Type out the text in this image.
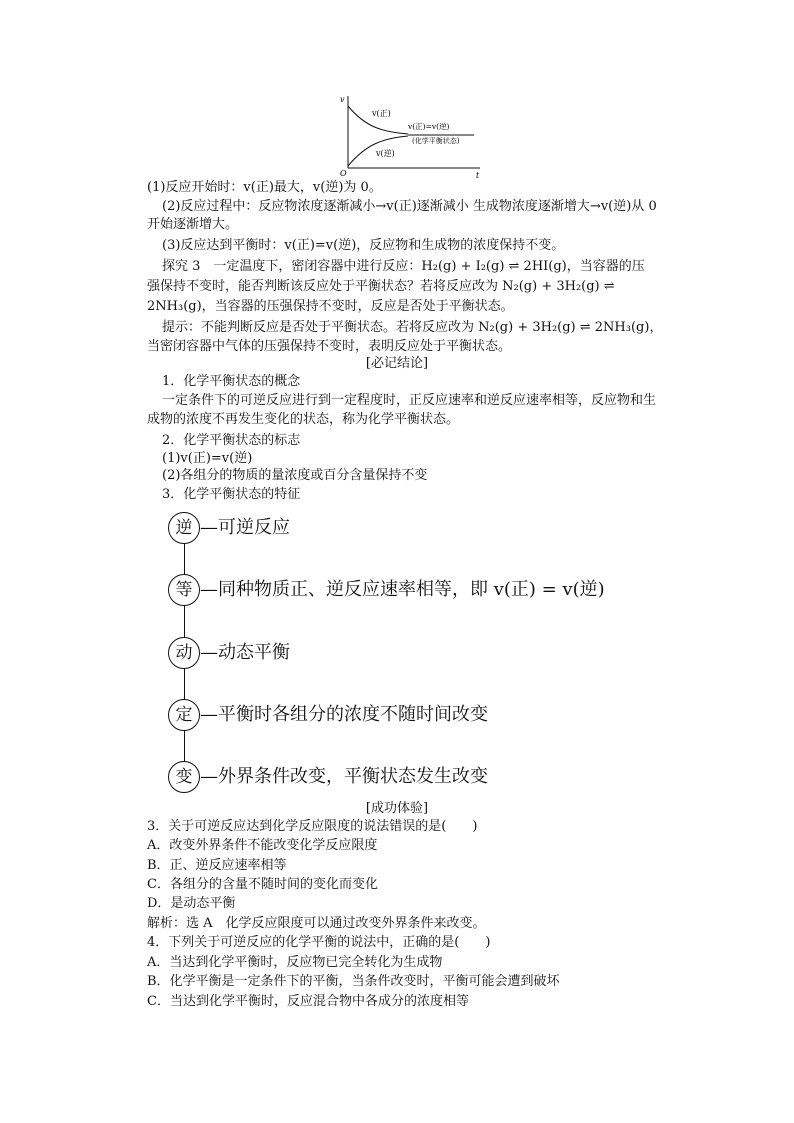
v
t
O
v(正)
v(正)=v(逆)
(化学平衡状态)
v(逆)
(1)反应开始时：v(正)最大，v(逆)为 0。
(2)反应过程中：反应物浓度逐渐减小→v(正)逐渐减小 生成物浓度逐渐增大→v(逆)从 0
开始逐渐增大。
(3)反应达到平衡时：v(正)=v(逆)，反应物和生成物的浓度保持不变。
探究 3　一定温度下，密闭容器中进行反应：H₂(g) + I₂(g) ⇌ 2HI(g)，当容器的压
强保持不变时，能否判断该反应处于平衡状态？若将反应改为 N₂(g) + 3H₂(g) ⇌
2NH₃(g)，当容器的压强保持不变时，反应是否处于平衡状态。
提示：不能判断反应是否处于平衡状态。若将反应改为 N₂(g) + 3H₂(g) ⇌ 2NH₃(g)，
当密闭容器中气体的压强保持不变时，表明反应处于平衡状态。
[必记结论]
1．化学平衡状态的概念
一定条件下的可逆反应进行到一定程度时，正反应速率和逆反应速率相等，反应物和生
成物的浓度不再发生变化的状态，称为化学平衡状态。
2．化学平衡状态的标志
(1)v(正)=v(逆)
(2)各组分的物质的量浓度或百分含量保持不变
3．化学平衡状态的特征
逆 —可逆反应
等 —同种物质正、逆反应速率相等，即 v(正) = v(逆)
动 —动态平衡
定 —平衡时各组分的浓度不随时间改变
变 —外界条件改变，平衡状态发生改变
[成功体验]
3．关于可逆反应达到化学反应限度的说法错误的是(　　)
A．改变外界条件不能改变化学反应限度
B．正、逆反应速率相等
C．各组分的含量不随时间的变化而变化
D．是动态平衡
解析：选 A　化学反应限度可以通过改变外界条件来改变。
4．下列关于可逆反应的化学平衡的说法中，正确的是(　　)
A．当达到化学平衡时，反应物已完全转化为生成物
B．化学平衡是一定条件下的平衡，当条件改变时，平衡可能会遭到破坏
C．当达到化学平衡时，反应混合物中各成分的浓度相等
